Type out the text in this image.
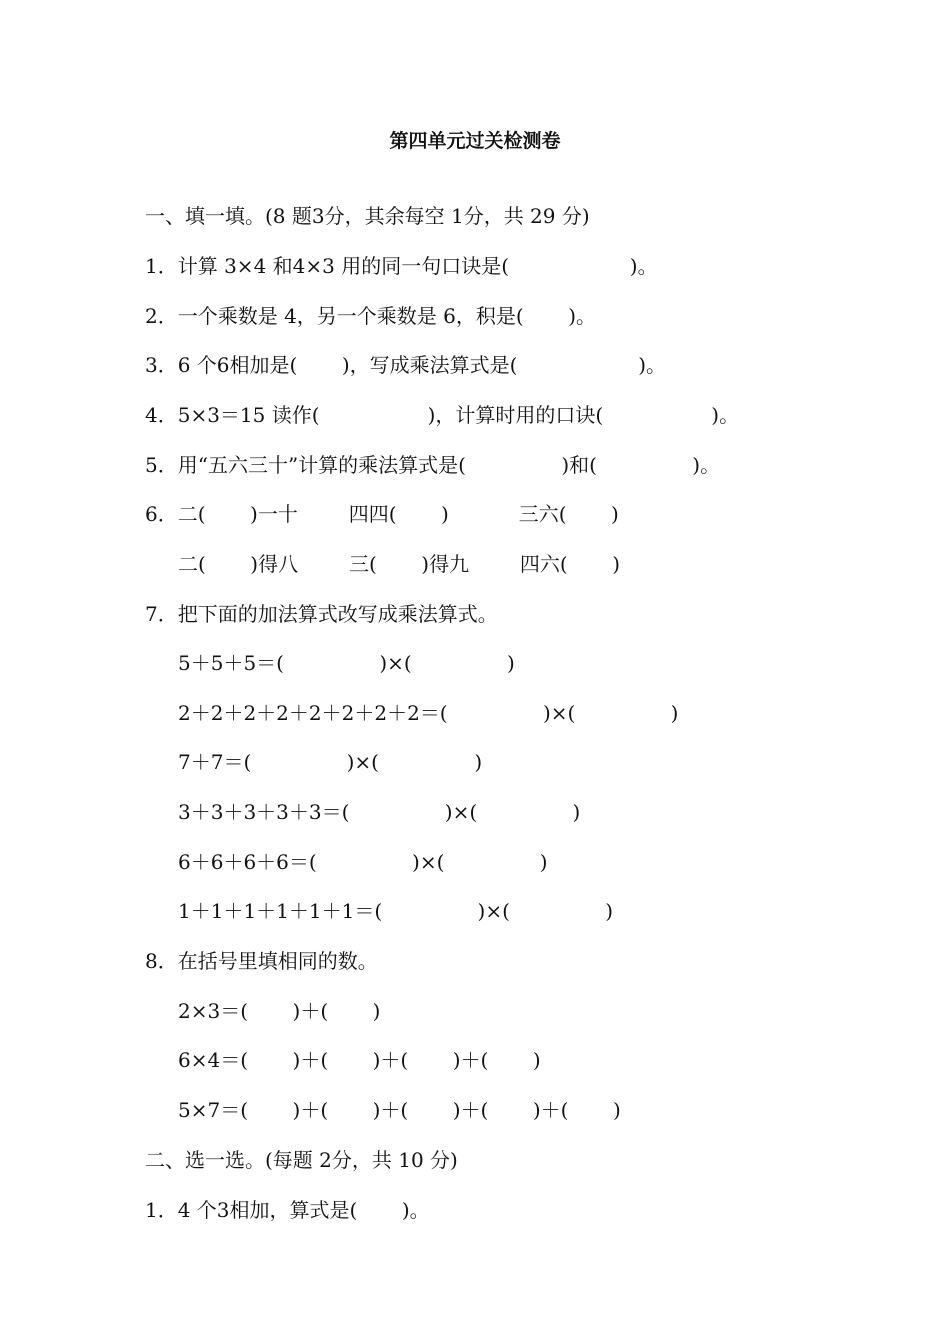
第四单元过关检测卷
一、填一填。(8 题3分，其余每空 1分，共 29 分)
1．计算 3×4 和4×3 用的同一句口诀是(                   )。
2．一个乘数是 4，另一个乘数是 6，积是(       )。
3．6 个6相加是(       )，写成乘法算式是(                   )。
4．5×3＝15 读作(                 )，计算时用的口诀(                 )。
5．用“五六三十”计算的乘法算式是(               )和(               )。
6．二(       )一十        四四(       )           三六(       )
二(       )得八        三(       )得九        四六(       )
7．把下面的加法算式改写成乘法算式。
5＋5＋5＝(               )×(               )
2＋2＋2＋2＋2＋2＋2＋2＝(               )×(               )
7＋7＝(               )×(               )
3＋3＋3＋3＋3＝(               )×(               )
6＋6＋6＋6＝(               )×(               )
1＋1＋1＋1＋1＋1＝(               )×(               )
8．在括号里填相同的数。
2×3＝(       )＋(       )
6×4＝(       )＋(       )＋(       )＋(       )
5×7＝(       )＋(       )＋(       )＋(       )＋(       )
二、选一选。(每题 2分，共 10 分)
1．4 个3相加，算式是(       )。
